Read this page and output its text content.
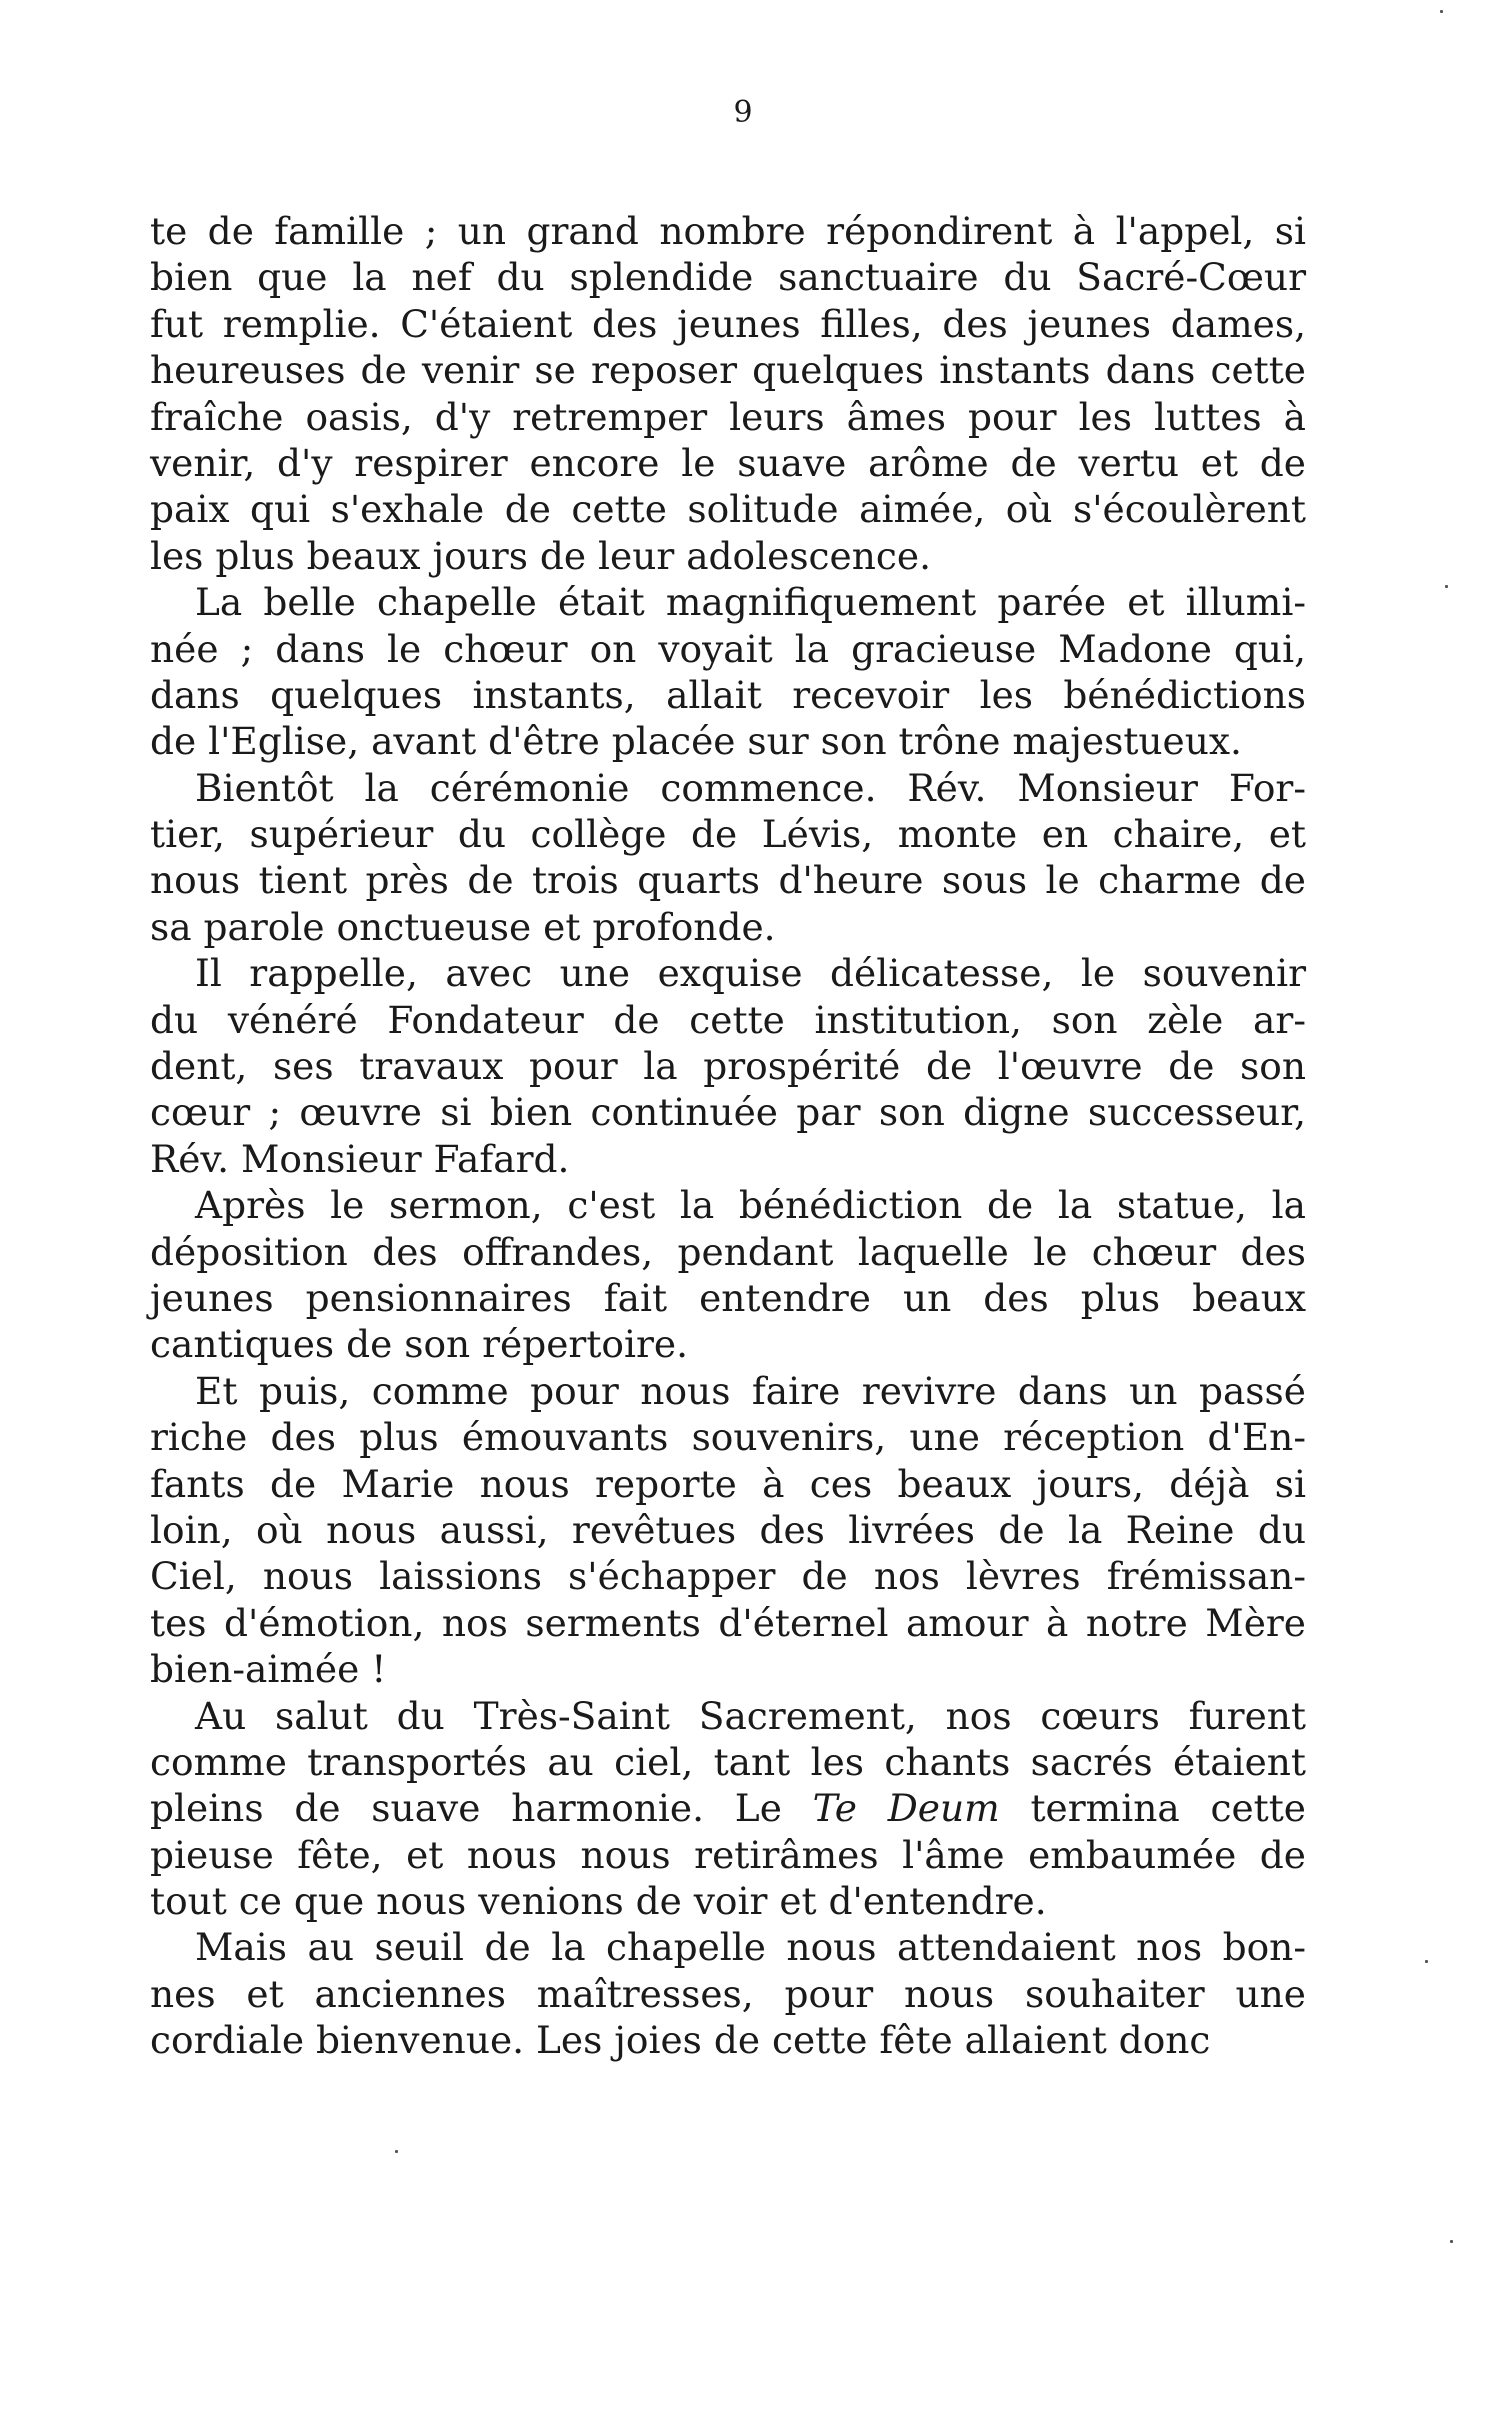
9
te de famille ; un grand nombre répondirent à l'appel, si
bien que la nef du splendide sanctuaire du Sacré-Cœur
fut remplie. C'étaient des jeunes filles, des jeunes dames,
heureuses de venir se reposer quelques instants dans cette
fraîche oasis, d'y retremper leurs âmes pour les luttes à
venir, d'y respirer encore le suave arôme de vertu et de
paix qui s'exhale de cette solitude aimée, où s'écoulèrent
les plus beaux jours de leur adolescence.
La belle chapelle était magnifiquement parée et illumi-
née ; dans le chœur on voyait la gracieuse Madone qui,
dans quelques instants, allait recevoir les bénédictions
de l'Eglise, avant d'être placée sur son trône majestueux.
Bientôt la cérémonie commence. Rév. Monsieur For-
tier, supérieur du collège de Lévis, monte en chaire, et
nous tient près de trois quarts d'heure sous le charme de
sa parole onctueuse et profonde.
Il rappelle, avec une exquise délicatesse, le souvenir
du vénéré Fondateur de cette institution, son zèle ar-
dent, ses travaux pour la prospérité de l'œuvre de son
cœur ; œuvre si bien continuée par son digne successeur,
Rév. Monsieur Fafard.
Après le sermon, c'est la bénédiction de la statue, la
déposition des offrandes, pendant laquelle le chœur des
jeunes pensionnaires fait entendre un des plus beaux
cantiques de son répertoire.
Et puis, comme pour nous faire revivre dans un passé
riche des plus émouvants souvenirs, une réception d'En-
fants de Marie nous reporte à ces beaux jours, déjà si
loin, où nous aussi, revêtues des livrées de la Reine du
Ciel, nous laissions s'échapper de nos lèvres frémissan-
tes d'émotion, nos serments d'éternel amour à notre Mère
bien-aimée !
Au salut du Très-Saint Sacrement, nos cœurs furent
comme transportés au ciel, tant les chants sacrés étaient
pleins de suave harmonie. Le Te Deum termina cette
pieuse fête, et nous nous retirâmes l'âme embaumée de
tout ce que nous venions de voir et d'entendre.
Mais au seuil de la chapelle nous attendaient nos bon-
nes et anciennes maîtresses, pour nous souhaiter une
cordiale bienvenue. Les joies de cette fête allaient donc
